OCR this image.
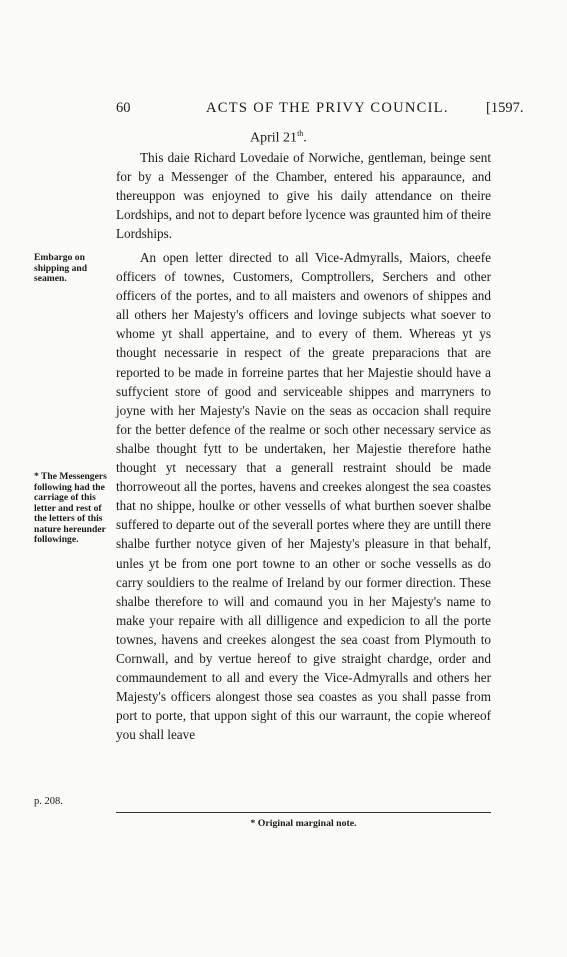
60	ACTS OF THE PRIVY COUNCIL.	[1597.
April 21th.

This daie Richard Lovedaie of Norwiche, gentleman, beinge sent for by a Messenger of the Chamber, entered his apparaunce, and thereuppon was enjoyned to give his daily attendance on theire Lordships, and not to depart before lycence was graunted him of theire Lordships.

Embargo on shipping and seamen.

An open letter directed to all Vice-Admyralls, Maiors, cheefe officers of townes, Customers, Comptrollers, Serchers and other officers of the portes, and to all maisters and owenors of shippes and all others her Majesty's officers and lovinge subjects what soever to whome yt shall appertaine, and to every of them. Whereas yt ys thought necessarie in respect of the greate preparacions that are reported to be made in forreine partes that her Majestie should have a suffycient store of good and serviceable shippes and marryners to joyne with her Majesty's Navie on the seas as occacion shall require for the better defence of the realme or soch other necessary service as shalbe thought fytt to be undertaken, her Majestie therefore hathe thought yt necessary that a generall restraint should be made thorroweout all the portes, havens and creekes alongest the sea coastes that no shippe, houlke or other vessells of what burthen soever shalbe suffered to departe out of the severall portes where they are untill there shalbe further notyce given of her Majesty's pleasure in that behalf, unles yt be from one port towne to an other or soche vessells as do carry souldiers to the realme of Ireland by our former direction. These shalbe therefore to will and comaund you in her Majesty's name to make your repaire with all dilligence and expedicion to all the porte townes, havens and creekes alongest the sea coast from Plymouth to Cornwall, and by vertue hereof to give straight chardge, order and commaundement to all and every the Vice-Admyralls and others her Majesty's officers alongest those sea coastes as you shall passe from port to porte, that uppon sight of this our warraunt, the copie whereof you shall leave

* The Messengers following had the carriage of this letter and rest of the letters of this nature hereunder followinge.
p. 208.
* Original marginal note.
